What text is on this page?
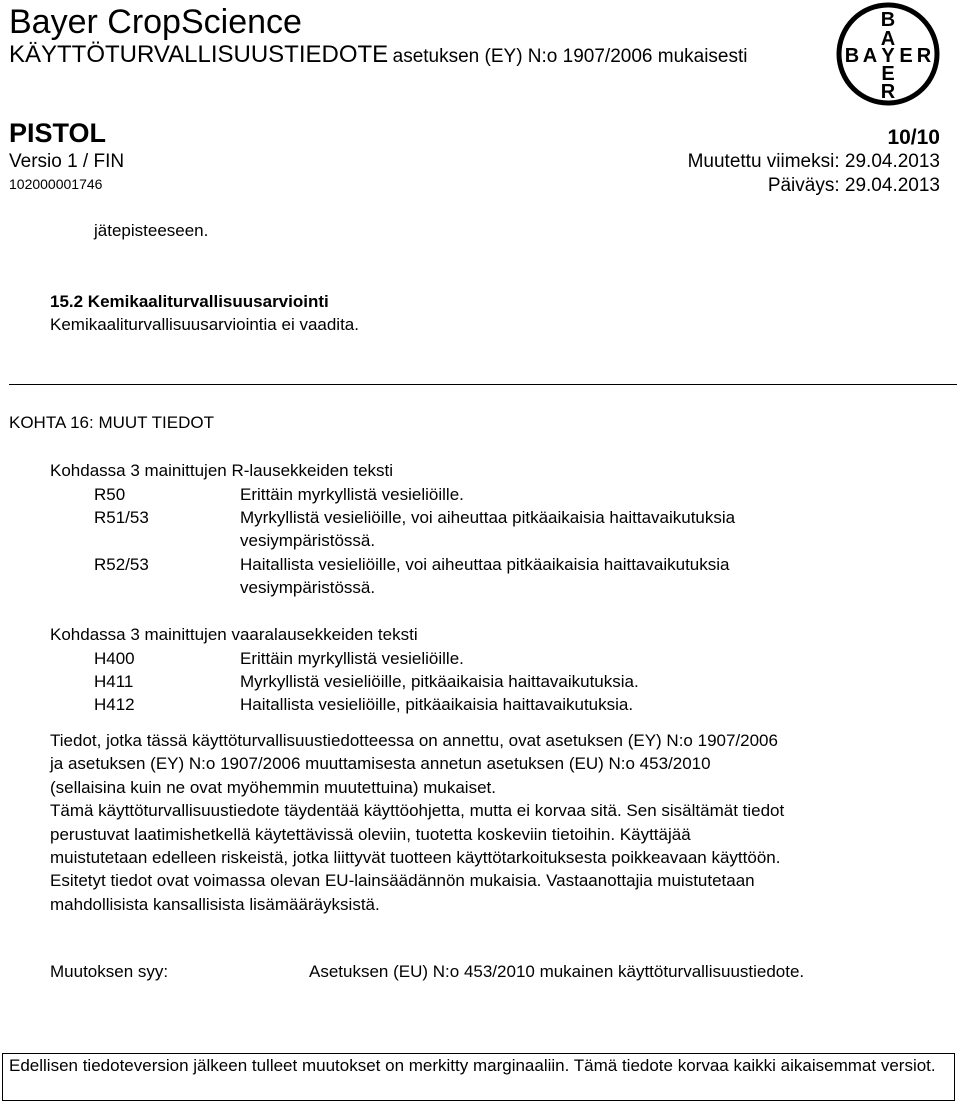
Bayer CropScience
KÄYTTÖTURVALLISUUSTIEDOTE asetuksen (EY) N:o 1907/2006 mukaisesti
B
A
B A Y E R
E
R
PISTOL	10/10
Versio 1 / FIN
102000001746
Muutettu viimeksi: 29.04.2013
Päiväys: 29.04.2013
jätepisteeseen.
15.2 Kemikaaliturvallisuusarviointi
Kemikaaliturvallisuusarviointia ei vaadita.
KOHTA 16: MUUT TIEDOT
Kohdassa 3 mainittujen R-lausekkeiden teksti
R50	Erittäin myrkyllistä vesieliöille.
R51/53	Myrkyllistä vesieliöille, voi aiheuttaa pitkäaikaisia haittavaikutuksia
vesiympäristössä.
R52/53	Haitallista vesieliöille, voi aiheuttaa pitkäaikaisia haittavaikutuksia
vesiympäristössä.
Kohdassa 3 mainittujen vaaralausekkeiden teksti
H400	Erittäin myrkyllistä vesieliöille.
H411	Myrkyllistä vesieliöille, pitkäaikaisia haittavaikutuksia.
H412	Haitallista vesieliöille, pitkäaikaisia haittavaikutuksia.
Tiedot, jotka tässä käyttöturvallisuustiedotteessa on annettu, ovat asetuksen (EY) N:o 1907/2006
ja asetuksen (EY) N:o 1907/2006 muuttamisesta annetun asetuksen (EU) N:o 453/2010
(sellaisina kuin ne ovat myöhemmin muutettuina) mukaiset.
Tämä käyttöturvallisuustiedote täydentää käyttöohjetta, mutta ei korvaa sitä. Sen sisältämät tiedot
perustuvat laatimishetkellä käytettävissä oleviin, tuotetta koskeviin tietoihin. Käyttäjää
muistutetaan edelleen riskeistä, jotka liittyvät tuotteen käyttötarkoituksesta poikkeavaan käyttöön.
Esitetyt tiedot ovat voimassa olevan EU-lainsäädännön mukaisia. Vastaanottajia muistutetaan
mahdollisista kansallisista lisämääräyksistä.
Muutoksen syy:	Asetuksen (EU) N:o 453/2010 mukainen käyttöturvallisuustiedote.
Edellisen tiedoteversion jälkeen tulleet muutokset on merkitty marginaaliin. Tämä tiedote korvaa kaikki aikaisemmat versiot.
